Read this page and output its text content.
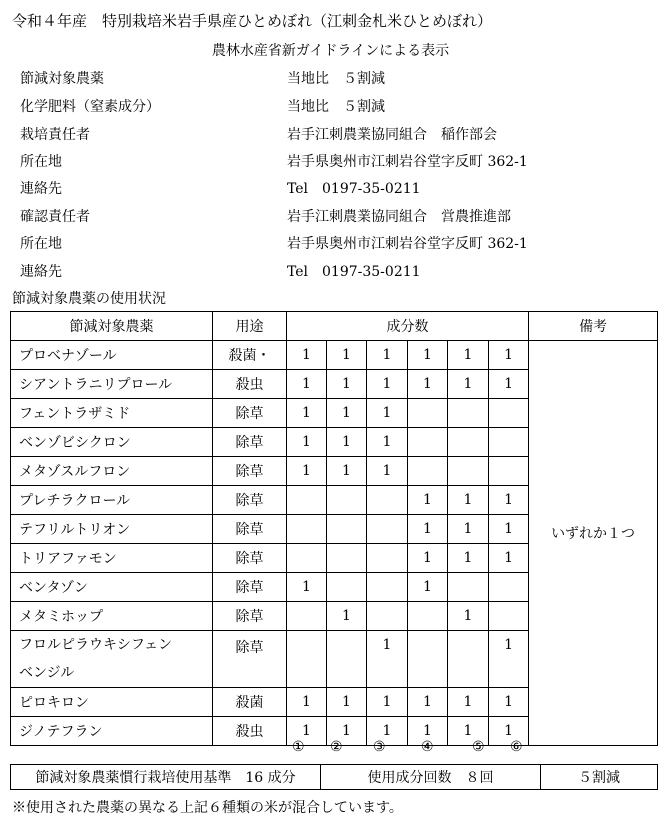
令和４年産　特別栽培米岩手県産ひとめぼれ（江刺金札米ひとめぼれ）
農林水産省新ガイドラインによる表示
節減対象農薬	当地比　５割減
化学肥料（窒素成分）	当地比　５割減
栽培責任者	岩手江刺農業協同組合　稲作部会
所在地	岩手県奥州市江刺岩谷堂字反町 362-1
連絡先	Tel　0197-35-0211
確認責任者	岩手江刺農業協同組合　営農推進部
所在地	岩手県奥州市江刺岩谷堂字反町 362-1
連絡先	Tel　0197-35-0211
節減対象農薬の使用状況
節減対象農薬	用途	成分数						備考
プロベナゾール	殺菌・	1	1	1	1	1	1	いずれか１つ
シアントラニリプロール	殺虫	1	1	1	1	1	1	
フェントラザミド	除草	1	1	1				
ベンゾビシクロン	除草	1	1	1				
メタゾスルフロン	除草	1	1	1				
プレチラクロール	除草				1	1	1	
テフリルトリオン	除草				1	1	1	
トリアファモン	除草				1	1	1	
ベンタゾン	除草	1			1			
メタミホップ	除草		1			1		

フロルピラウキシフェン
ベンジル	除草			1			1	
ピロキロン	殺菌	1	1	1	1	1	1	
ジノテフラン	殺虫	1	1	1	1	1	1	
① ② ③	④	⑤ ⑥
節減対象農薬慣行栽培使用基準　16 成分	使用成分回数　８回	５割減
※使用された農薬の異なる上記６種類の米が混合しています。
